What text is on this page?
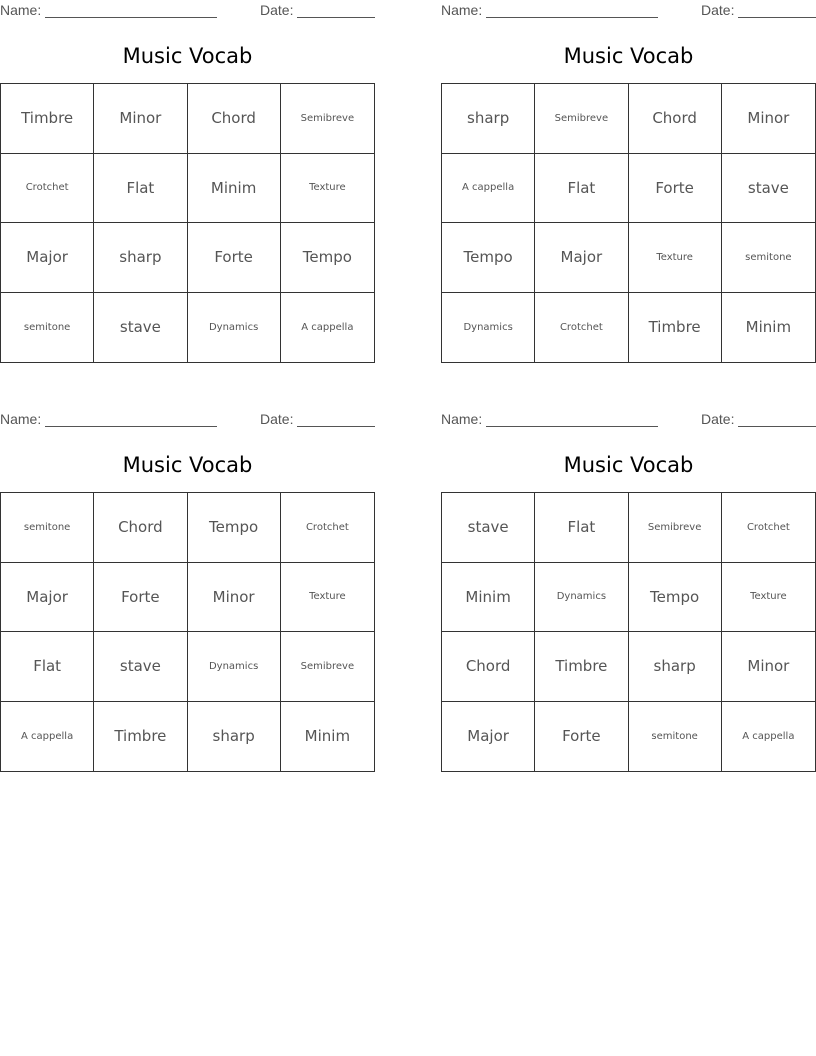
Name:	Date:
Music Vocab
Timbre	Minor	Chord	Semibreve
Crotchet	Flat	Minim	Texture
Major	sharp	Forte	Tempo
semitone	stave	Dynamics	A cappella
Name:	Date:
Music Vocab
sharp	Semibreve	Chord	Minor
A cappella	Flat	Forte	stave
Tempo	Major	Texture	semitone
Dynamics	Crotchet	Timbre	Minim
Name:	Date:
Music Vocab
semitone	Chord	Tempo	Crotchet
Major	Forte	Minor	Texture
Flat	stave	Dynamics	Semibreve
A cappella	Timbre	sharp	Minim
Name:	Date:
Music Vocab
stave	Flat	Semibreve	Crotchet
Minim	Dynamics	Tempo	Texture
Chord	Timbre	sharp	Minor
Major	Forte	semitone	A cappella
